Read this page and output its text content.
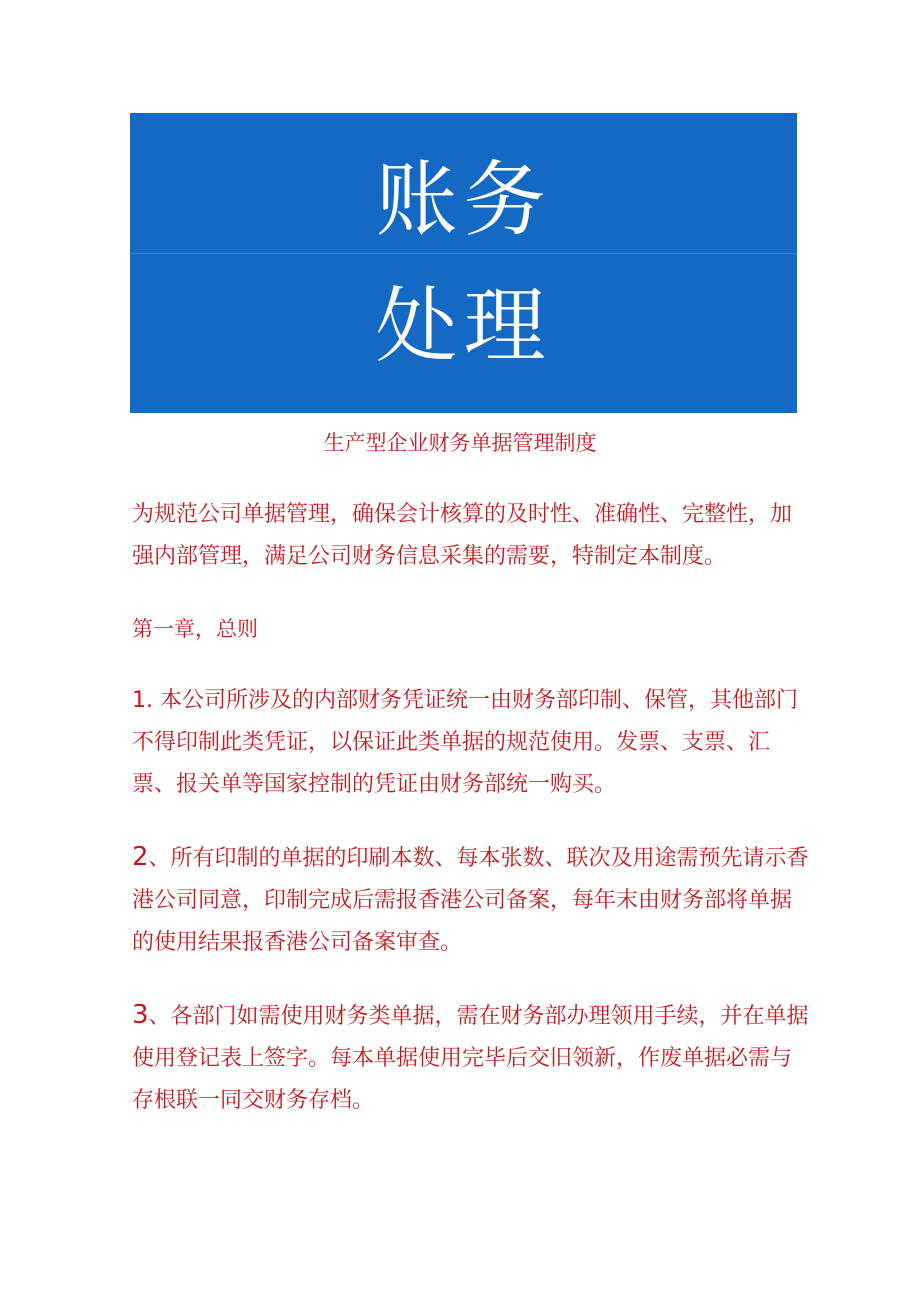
账务
处理
生产型企业财务单据管理制度

为规范公司单据管理，确保会计核算的及时性、准确性、完整性，加强内部管理，满足公司财务信息采集的需要，特制定本制度。

第一章，总则

1. 本公司所涉及的内部财务凭证统一由财务部印制、保管，其他部门不得印制此类凭证，以保证此类单据的规范使用。发票、支票、汇票、报关单等国家控制的凭证由财务部统一购买。

2、所有印制的单据的印刷本数、每本张数、联次及用途需预先请示香港公司同意，印制完成后需报香港公司备案，每年末由财务部将单据的使用结果报香港公司备案审查。

3、各部门如需使用财务类单据，需在财务部办理领用手续，并在单据使用登记表上签字。每本单据使用完毕后交旧领新，作废单据必需与存根联一同交财务存档。
